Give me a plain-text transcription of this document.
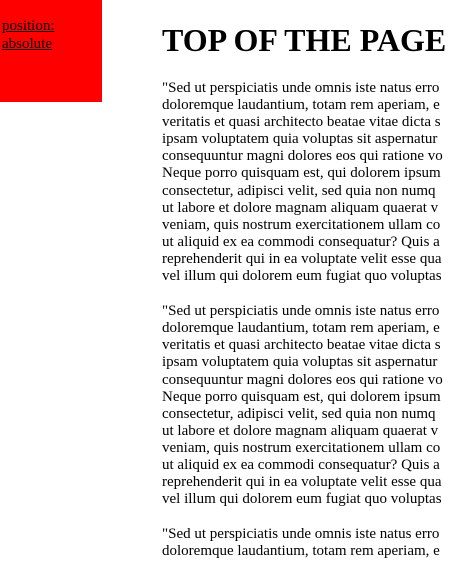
position:
absolute	TOP OF THE PAGE

"Sed ut perspiciatis unde omnis iste natus erro
doloremque laudantium, totam rem aperiam, e
veritatis et quasi architecto beatae vitae dicta s
ipsam voluptatem quia voluptas sit aspernatur
consequuntur magni dolores eos qui ratione vo
Neque porro quisquam est, qui dolorem ipsum
consectetur, adipisci velit, sed quia non numq
ut labore et dolore magnam aliquam quaerat v
veniam, quis nostrum exercitationem ullam co
ut aliquid ex ea commodi consequatur? Quis a
reprehenderit qui in ea voluptate velit esse qua
vel illum qui dolorem eum fugiat quo voluptas

"Sed ut perspiciatis unde omnis iste natus erro
doloremque laudantium, totam rem aperiam, e
veritatis et quasi architecto beatae vitae dicta s
ipsam voluptatem quia voluptas sit aspernatur
consequuntur magni dolores eos qui ratione vo
Neque porro quisquam est, qui dolorem ipsum
consectetur, adipisci velit, sed quia non numq
ut labore et dolore magnam aliquam quaerat v
veniam, quis nostrum exercitationem ullam co
ut aliquid ex ea commodi consequatur? Quis a
reprehenderit qui in ea voluptate velit esse qua
vel illum qui dolorem eum fugiat quo voluptas

"Sed ut perspiciatis unde omnis iste natus erro
doloremque laudantium, totam rem aperiam, e
